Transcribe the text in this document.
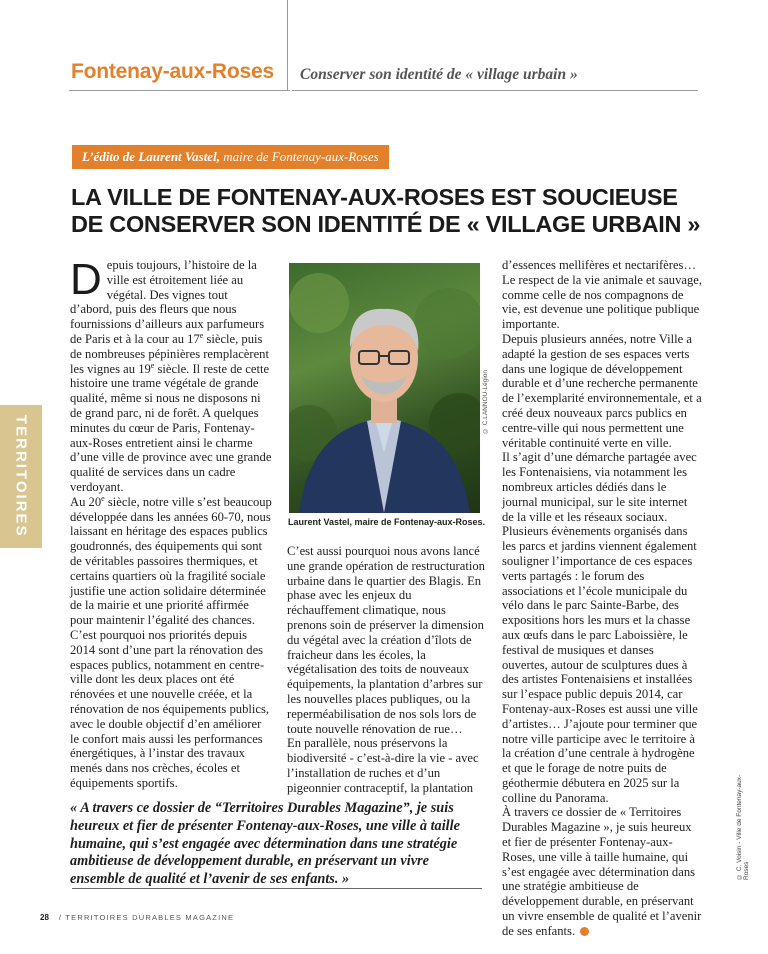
Fontenay-aux-Roses Conserver son identité de « village urbain »
L’édito de Laurent Vastel, maire de Fontenay-aux-Roses
LA VILLE DE FONTENAY-AUX-ROSES EST SOUCIEUSE
DE CONSERVER SON IDENTITÉ DE « VILLAGE URBAIN »
TERRITOIRES

Depuis toujours, l’histoire de la ville est étroitement liée au végétal. Des vignes tout d’abord, puis des fleurs que nous fournissions d’ailleurs aux parfumeurs de Paris et à la cour au 17e siècle, puis de nombreuses pépinières remplacèrent les vignes au 19e siècle. Il reste de cette histoire une trame végétale de grande qualité, même si nous ne disposons ni de grand parc, ni de forêt. A quelques minutes du cœur de Paris, Fontenay-aux-Roses entretient ainsi le charme d’une ville de province avec une grande qualité de services dans un cadre verdoyant.

Au 20e siècle, notre ville s’est beaucoup développée dans les années 60-70, nous laissant en héritage des espaces publics goudronnés, des équipements qui sont de véritables passoires thermiques, et certains quartiers où la fragilité sociale justifie une action solidaire déterminée de la mairie et une priorité affirmée pour maintenir l’égalité des chances. C’est pourquoi nos priorités depuis 2014 sont d’une part la rénovation des espaces publics, notamment en centre-ville dont les deux places ont été rénovées et une nouvelle créée, et la rénovation de nos équipements publics, avec le double objectif d’en améliorer le confort mais aussi les performances énergétiques, à l’instar des travaux menés dans nos crèches, écoles et équipements sportifs.

© C.LANNOU-Légion
Laurent Vastel, maire de Fontenay-aux-Roses.

C’est aussi pourquoi nous avons lancé une grande opération de restructuration urbaine dans le quartier des Blagis. En phase avec les enjeux du réchauffement climatique, nous prenons soin de préserver la dimension du végétal avec la création d’îlots de fraicheur dans les écoles, la végétalisation des toits de nouveaux équipements, la plantation d’arbres sur les nouvelles places publiques, ou la reperméabilisation de nos sols lors de toute nouvelle rénovation de rue…

En parallèle, nous préservons la biodiversité - c’est-à-dire la vie - avec l’installation de ruches et d’un pigeonnier contraceptif, la plantation

d’essences mellifères et nectarifères… Le respect de la vie animale et sauvage, comme celle de nos compagnons de vie, est devenue une politique publique importante.

Depuis plusieurs années, notre Ville a adapté la gestion de ses espaces verts dans une logique de développement durable et d’une recherche permanente de l’exemplarité environnementale, et a créé deux nouveaux parcs publics en centre-ville qui nous permettent une véritable continuité verte en ville.

Il s’agit d’une démarche partagée avec les Fontenaisiens, via notamment les nombreux articles dédiés dans le journal municipal, sur le site internet de la ville et les réseaux sociaux. Plusieurs évènements organisés dans les parcs et jardins viennent également souligner l’importance de ces espaces verts partagés : le forum des associations et l’école municipale du vélo dans le parc Sainte-Barbe, des expositions hors les murs et la chasse aux œufs dans le parc Laboissière, le festival de musiques et danses ouvertes, autour de sculptures dues à des artistes Fontenaisiens et installées sur l’espace public depuis 2014, car Fontenay-aux-Roses est aussi une ville d’artistes… J’ajoute pour terminer que notre ville participe avec le territoire à la création d’une centrale à hydrogène et que le forage de notre puits de géothermie débutera en 2025 sur la colline du Panorama.

À travers ce dossier de « Territoires Durables Magazine », je suis heureux et fier de présenter Fontenay-aux-Roses, une ville à taille humaine, qui s’est engagée avec détermination dans une stratégie ambitieuse de développement durable, en préservant un vivre ensemble de qualité et l’avenir de ses enfants.

« A travers ce dossier de “Territoires Durables Magazine”, je suis heureux et fier de présenter Fontenay-aux-Roses, une ville à taille humaine, qui s’est engagée avec détermination dans une stratégie ambitieuse de développement durable, en préservant un vivre ensemble de qualité et l’avenir de ses enfants. »	© C. Voisin - Ville de Fontenay-aux-Roses
28 / TERRITOIRES DURABLES MAGAZINE
